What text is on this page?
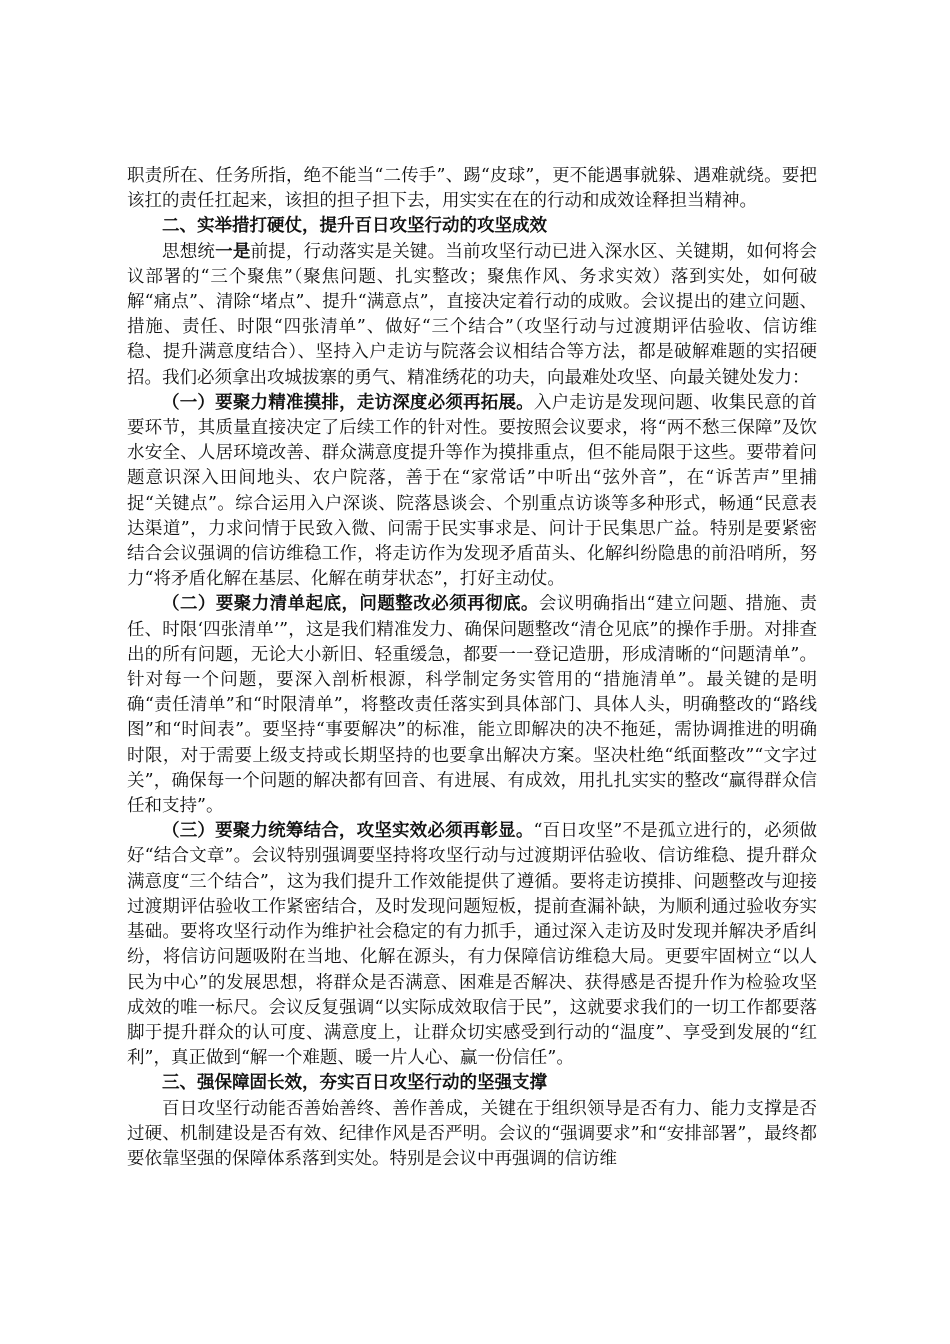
职责所在、任务所指，绝不能当“二传手”、踢“皮球”，更不能遇事就躲、遇难就绕。要把该扛的责任扛起来，该担的担子担下去，用实实在在的行动和成效诠释担当精神。

二、实举措打硬仗，提升百日攻坚行动的攻坚成效

思想统一是前提，行动落实是关键。当前攻坚行动已进入深水区、关键期，如何将会议部署的“三个聚焦”（聚焦问题、扎实整改；聚焦作风、务求实效）落到实处，如何破解“痛点”、清除“堵点”、提升“满意点”，直接决定着行动的成败。会议提出的建立问题、措施、责任、时限“四张清单”、做好“三个结合”（攻坚行动与过渡期评估验收、信访维稳、提升满意度结合）、坚持入户走访与院落会议相结合等方法，都是破解难题的实招硬招。我们必须拿出攻城拔寨的勇气、精准绣花的功夫，向最难处攻坚、向最关键处发力：

（一）要聚力精准摸排，走访深度必须再拓展。入户走访是发现问题、收集民意的首要环节，其质量直接决定了后续工作的针对性。要按照会议要求，将“两不愁三保障”及饮水安全、人居环境改善、群众满意度提升等作为摸排重点，但不能局限于这些。要带着问题意识深入田间地头、农户院落，善于在“家常话”中听出“弦外音”，在“诉苦声”里捕捉“关键点”。综合运用入户深谈、院落恳谈会、个别重点访谈等多种形式，畅通“民意表达渠道”，力求问情于民致入微、问需于民实事求是、问计于民集思广益。特别是要紧密结合会议强调的信访维稳工作，将走访作为发现矛盾苗头、化解纠纷隐患的前沿哨所，努力“将矛盾化解在基层、化解在萌芽状态”，打好主动仗。

（二）要聚力清单起底，问题整改必须再彻底。会议明确指出“建立问题、措施、责任、时限‘四张清单’”，这是我们精准发力、确保问题整改“清仓见底”的操作手册。对排查出的所有问题，无论大小新旧、轻重缓急，都要一一登记造册，形成清晰的“问题清单”。针对每一个问题，要深入剖析根源，科学制定务实管用的“措施清单”。最关键的是明确“责任清单”和“时限清单”，将整改责任落实到具体部门、具体人头，明确整改的“路线图”和“时间表”。要坚持“事要解决”的标准，能立即解决的决不拖延，需协调推进的明确时限，对于需要上级支持或长期坚持的也要拿出解决方案。坚决杜绝“纸面整改”“文字过关”，确保每一个问题的解决都有回音、有进展、有成效，用扎扎实实的整改“赢得群众信任和支持”。

（三）要聚力统筹结合，攻坚实效必须再彰显。“百日攻坚”不是孤立进行的，必须做好“结合文章”。会议特别强调要坚持将攻坚行动与过渡期评估验收、信访维稳、提升群众满意度“三个结合”，这为我们提升工作效能提供了遵循。要将走访摸排、问题整改与迎接过渡期评估验收工作紧密结合，及时发现问题短板，提前查漏补缺，为顺利通过验收夯实基础。要将攻坚行动作为维护社会稳定的有力抓手，通过深入走访及时发现并解决矛盾纠纷，将信访问题吸附在当地、化解在源头，有力保障信访维稳大局。更要牢固树立“以人民为中心”的发展思想，将群众是否满意、困难是否解决、获得感是否提升作为检验攻坚成效的唯一标尺。会议反复强调“以实际成效取信于民”，这就要求我们的一切工作都要落脚于提升群众的认可度、满意度上，让群众切实感受到行动的“温度”、享受到发展的“红利”，真正做到“解一个难题、暖一片人心、赢一份信任”。

三、强保障固长效，夯实百日攻坚行动的坚强支撑

百日攻坚行动能否善始善终、善作善成，关键在于组织领导是否有力、能力支撑是否过硬、机制建设是否有效、纪律作风是否严明。会议的“强调要求”和“安排部署”，最终都要依靠坚强的保障体系落到实处。特别是会议中再强调的信访维
